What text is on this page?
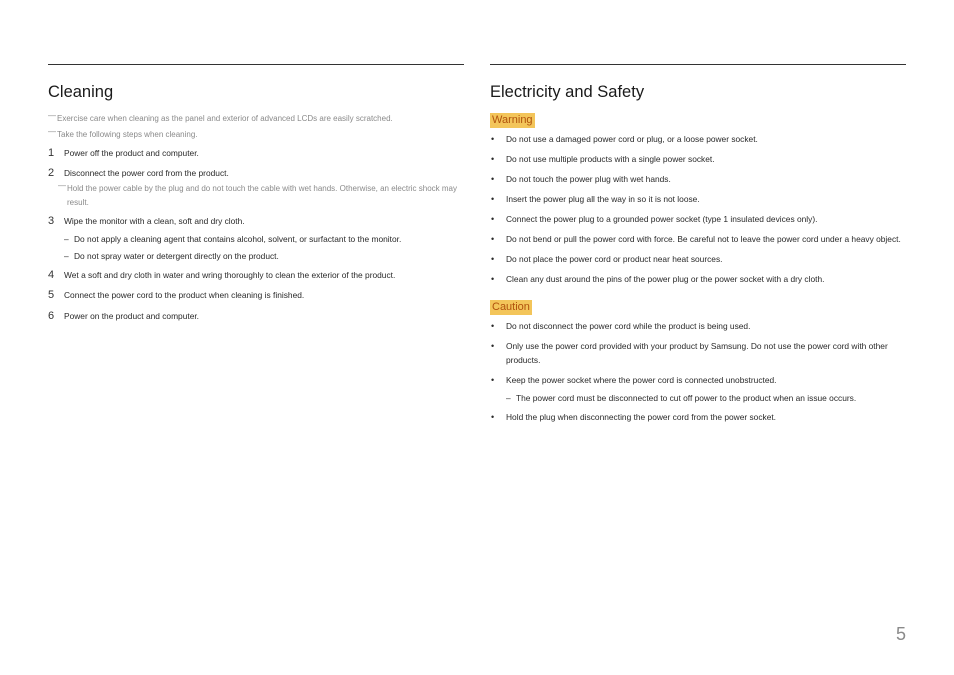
Cleaning
― Exercise care when cleaning as the panel and exterior of advanced LCDs are easily scratched.
― Take the following steps when cleaning.
1 Power off the product and computer.
2 Disconnect the power cord from the product.
― Hold the power cable by the plug and do not touch the cable with wet hands. Otherwise, an electric shock may result.
3 Wipe the monitor with a clean, soft and dry cloth.
– Do not apply a cleaning agent that contains alcohol, solvent, or surfactant to the monitor.
– Do not spray water or detergent directly on the product.
4 Wet a soft and dry cloth in water and wring thoroughly to clean the exterior of the product.
5 Connect the power cord to the product when cleaning is finished.
6 Power on the product and computer.
Electricity and Safety
Warning
• Do not use a damaged power cord or plug, or a loose power socket.
• Do not use multiple products with a single power socket.
• Do not touch the power plug with wet hands.
• Insert the power plug all the way in so it is not loose.
• Connect the power plug to a grounded power socket (type 1 insulated devices only).
• Do not bend or pull the power cord with force. Be careful not to leave the power cord under a heavy object.
• Do not place the power cord or product near heat sources.
• Clean any dust around the pins of the power plug or the power socket with a dry cloth.
Caution
• Do not disconnect the power cord while the product is being used.
• Only use the power cord provided with your product by Samsung. Do not use the power cord with other products.
• Keep the power socket where the power cord is connected unobstructed.
– The power cord must be disconnected to cut off power to the product when an issue occurs.
• Hold the plug when disconnecting the power cord from the power socket.
5
